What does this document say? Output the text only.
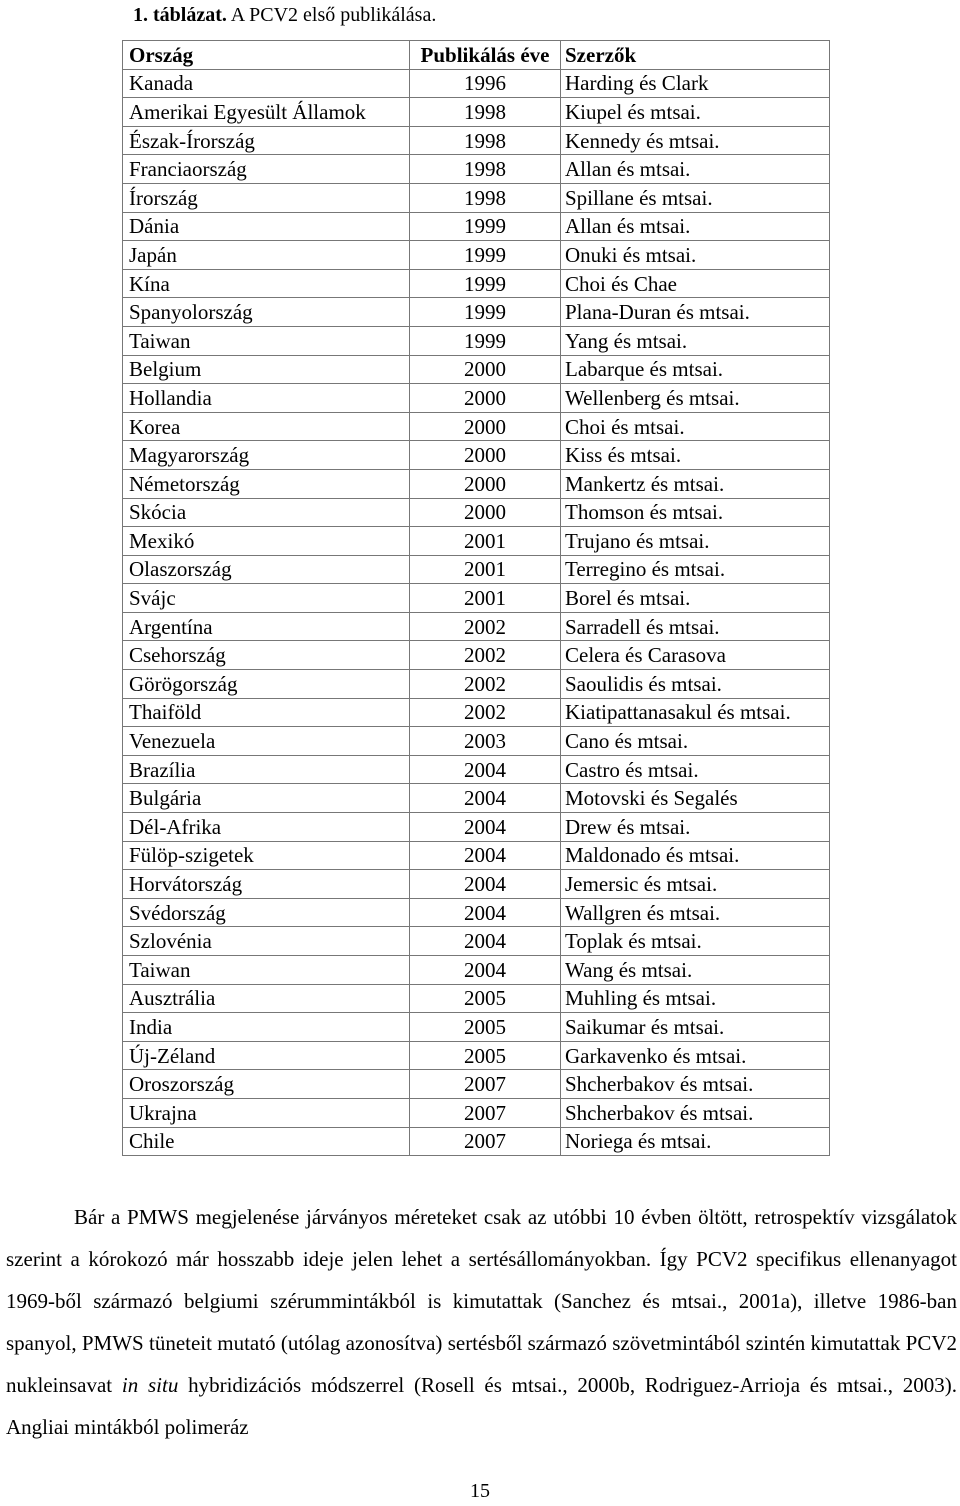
1. táblázat. A PCV2 első publikálása.
Ország	Publikálás éve	Szerzők
Kanada	1996	Harding és Clark
Amerikai Egyesült Államok	1998	Kiupel és mtsai.
Észak-Írország	1998	Kennedy és mtsai.
Franciaország	1998	Allan és mtsai.
Írország	1998	Spillane és mtsai.
Dánia	1999	Allan és mtsai.
Japán	1999	Onuki és mtsai.
Kína	1999	Choi és Chae
Spanyolország	1999	Plana-Duran és mtsai.
Taiwan	1999	Yang és mtsai.
Belgium	2000	Labarque és mtsai.
Hollandia	2000	Wellenberg és mtsai.
Korea	2000	Choi és mtsai.
Magyarország	2000	Kiss és mtsai.
Németország	2000	Mankertz és mtsai.
Skócia	2000	Thomson és mtsai.
Mexikó	2001	Trujano és mtsai.
Olaszország	2001	Terregino és mtsai.
Svájc	2001	Borel és mtsai.
Argentína	2002	Sarradell és mtsai.
Csehország	2002	Celera és Carasova
Görögország	2002	Saoulidis és mtsai.
Thaiföld	2002	Kiatipattanasakul és mtsai.
Venezuela	2003	Cano és mtsai.
Brazília	2004	Castro és mtsai.
Bulgária	2004	Motovski és Segalés
Dél-Afrika	2004	Drew és mtsai.
Fülöp-szigetek	2004	Maldonado és mtsai.
Horvátország	2004	Jemersic és mtsai.
Svédország	2004	Wallgren és mtsai.
Szlovénia	2004	Toplak és mtsai.
Taiwan	2004	Wang és mtsai.
Ausztrália	2005	Muhling és mtsai.
India	2005	Saikumar és mtsai.
Új-Zéland	2005	Garkavenko és mtsai.
Oroszország	2007	Shcherbakov és mtsai.
Ukrajna	2007	Shcherbakov és mtsai.
Chile	2007	Noriega és mtsai.
Bár a PMWS megjelenése járványos méreteket csak az utóbbi 10 évben öltött, retrospektív vizsgálatok szerint a kórokozó már hosszabb ideje jelen lehet a sertésállományokban. Így PCV2 specifikus ellenanyagot 1969-ből származó belgiumi szérummintákból is kimutattak (Sanchez és mtsai., 2001a), illetve 1986-ban spanyol, PMWS tüneteit mutató (utólag azonosítva) sertésből származó szövetmintából szintén kimutattak PCV2 nukleinsavat in situ hybridizációs módszerrel (Rosell és mtsai., 2000b, Rodriguez-Arrioja és mtsai., 2003). Angliai mintákból polimeráz
15
